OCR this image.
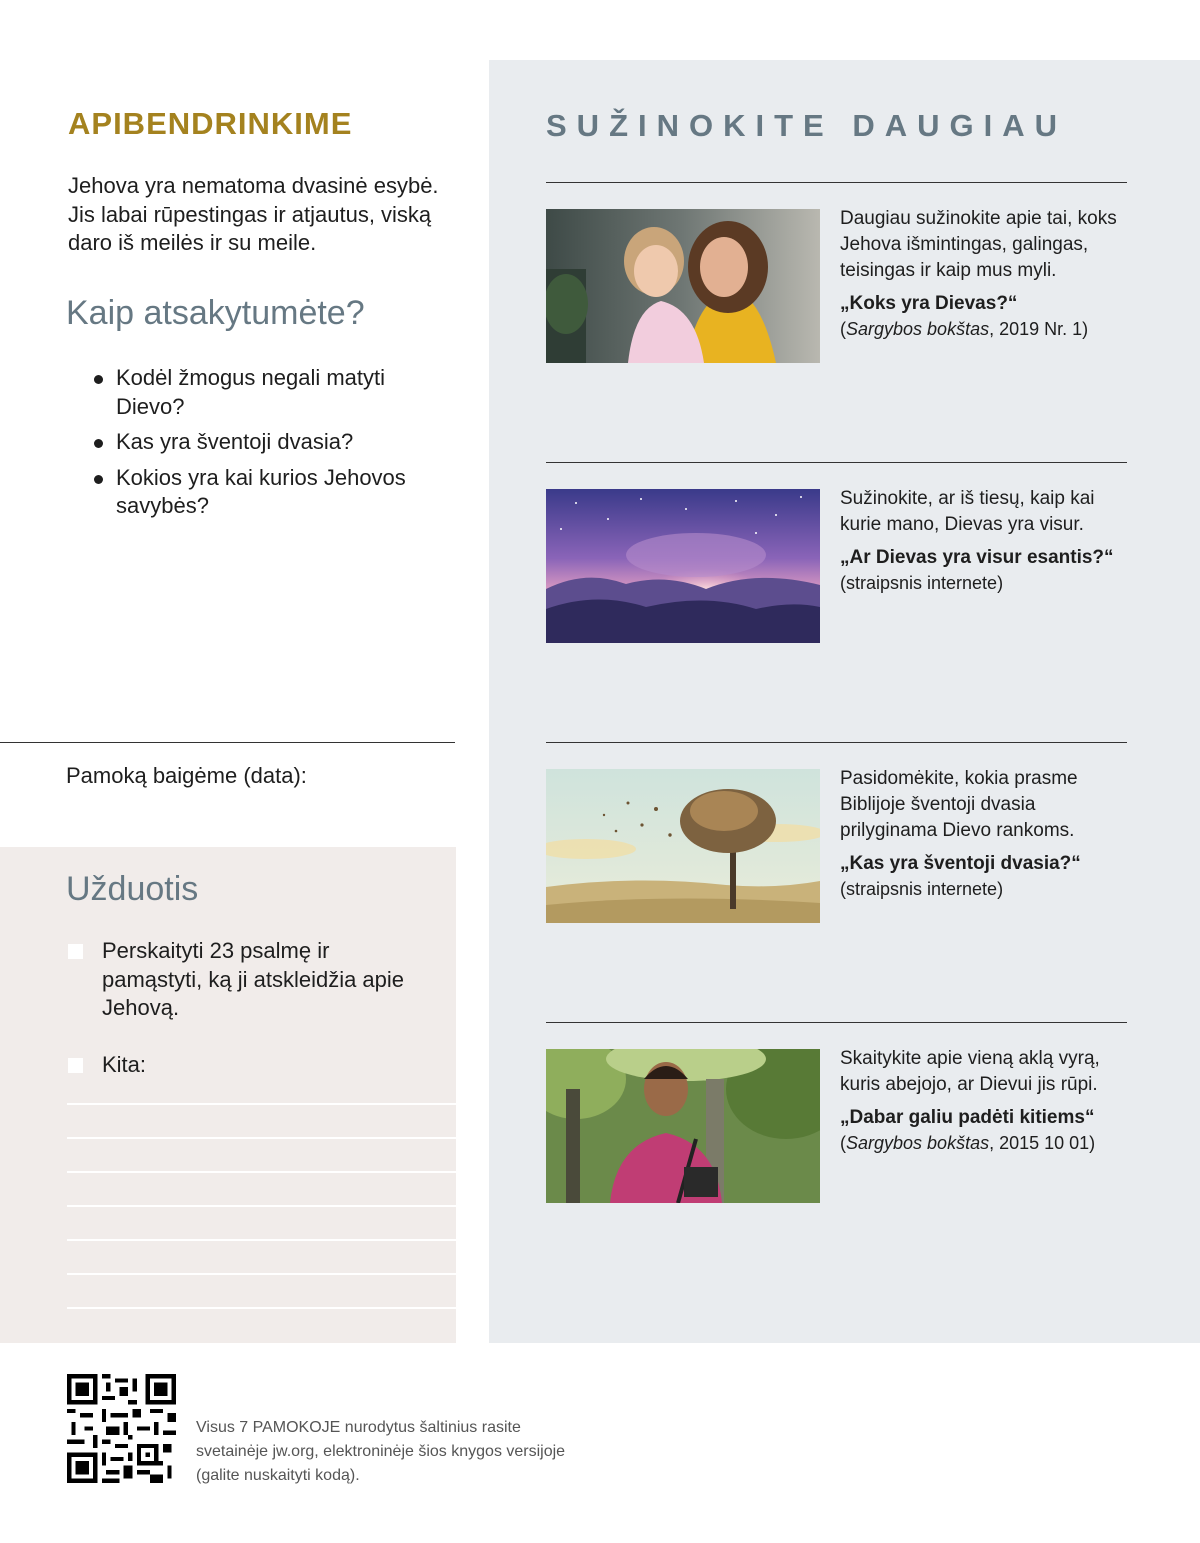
APIBENDRINKIME
Jehova yra nematoma dvasinė esybė. Jis labai rūpestingas ir atjautus, viską daro iš meilės ir su meile.
Kaip atsakytumėte?
Kodėl žmogus negali matyti Dievo?
Kas yra šventoji dvasia?
Kokios yra kai kurios Jehovos savybės?
Pamoką baigėme (data):
Užduotis
Perskaityti 23 psalmę ir pamąstyti, ką ji atskleidžia apie Jehovą.
Kita:
SUŽINOKITE DAUGIAU
Daugiau sužinokite apie tai, koks Jehova išmintingas, galingas, teisingas ir kaip mus myli.
„Koks yra Dievas?“
(Sargybos bokštas, 2019 Nr. 1)
Sužinokite, ar iš tiesų, kaip kai kurie mano, Dievas yra visur.
„Ar Dievas yra visur esantis?“
(straipsnis internete)
Pasidomėkite, kokia prasme Biblijoje šventoji dvasia prilyginama Dievo rankoms.
„Kas yra šventoji dvasia?“
(straipsnis internete)
Skaitykite apie vieną aklą vyrą, kuris abejojo, ar Dievui jis rūpi.
„Dabar galiu padėti kitiems“
(Sargybos bokštas, 2015 10 01)
Visus 7 PAMOKOJE nurodytus šaltinius rasite svetainėje jw.org, elektroninėje šios knygos versijoje (galite nuskaityti kodą).
